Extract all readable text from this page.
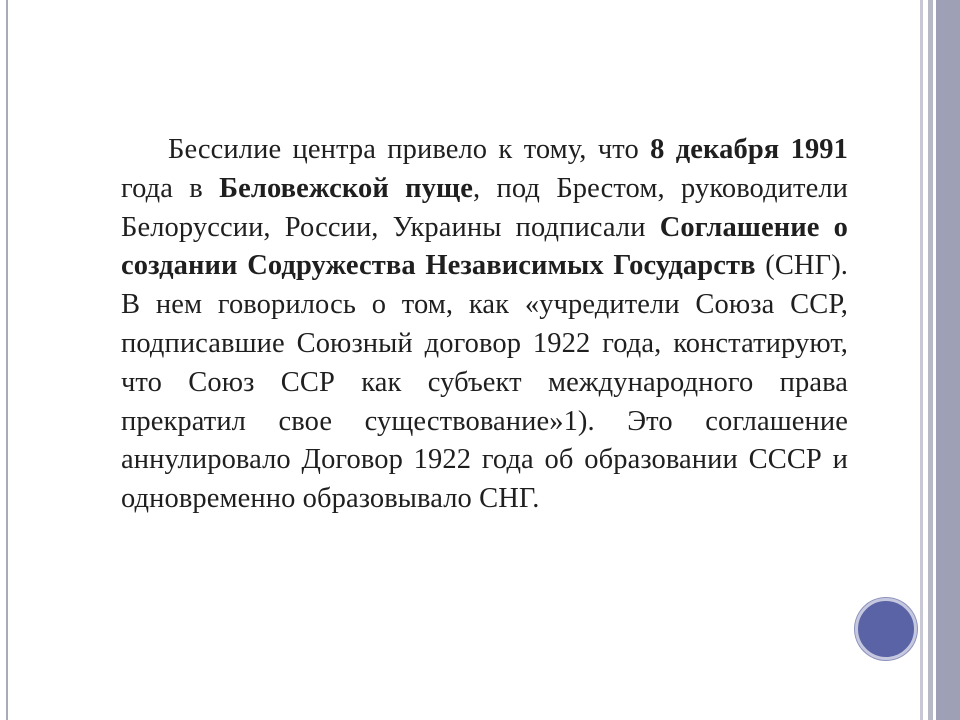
Бессилие центра привело к тому, что 8 декабря 1991 года в Беловежской пуще, под Брестом, руководители Белоруссии, России, Украины подписали Соглашение о создании Содружества Независимых Государств (СНГ). В нем говорилось о том, как «учредители Союза ССР, подписавшие Союзный договор 1922 года, констатируют, что Союз ССР как субъект международного права прекратил свое существование»1). Это соглашение аннулировало Договор 1922 года об образовании СССР и одновременно образовывало СНГ.
